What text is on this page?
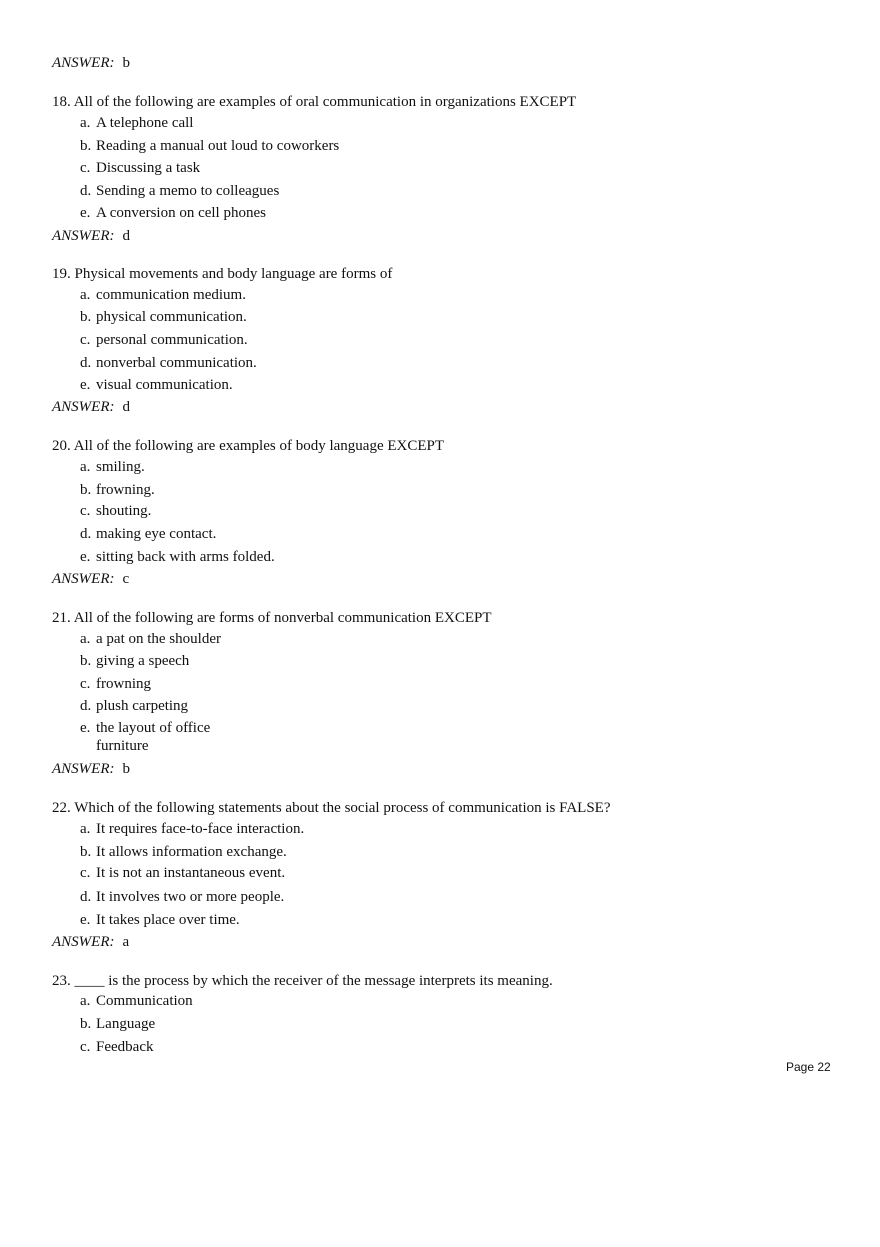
ANSWER: b
18. All of the following are examples of oral communication in organizations EXCEPT
a. A telephone call
b. Reading a manual out loud to coworkers
c. Discussing a task
d. Sending a memo to colleagues
e. A conversion on cell phones
ANSWER: d
19. Physical movements and body language are forms of
a. communication medium.
b. physical communication.
c. personal communication.
d. nonverbal communication.
e. visual communication.
ANSWER: d
20. All of the following are examples of body language EXCEPT
a. smiling.
b. frowning.
c. shouting.
d. making eye contact.
e. sitting back with arms folded.
ANSWER: c
21. All of the following are forms of nonverbal communication EXCEPT
a. a pat on the shoulder
b. giving a speech
c. frowning
d. plush carpeting
e. the layout of office
furniture
ANSWER: b
22. Which of the following statements about the social process of communication is FALSE?
a. It requires face-to-face interaction.
b. It allows information exchange.
c. It is not an instantaneous event.
d. It involves two or more people.
e. It takes place over time.
ANSWER: a
23. ____ is the process by which the receiver of the message interprets its meaning.
a. Communication
b. Language
c. Feedback
Page 22
